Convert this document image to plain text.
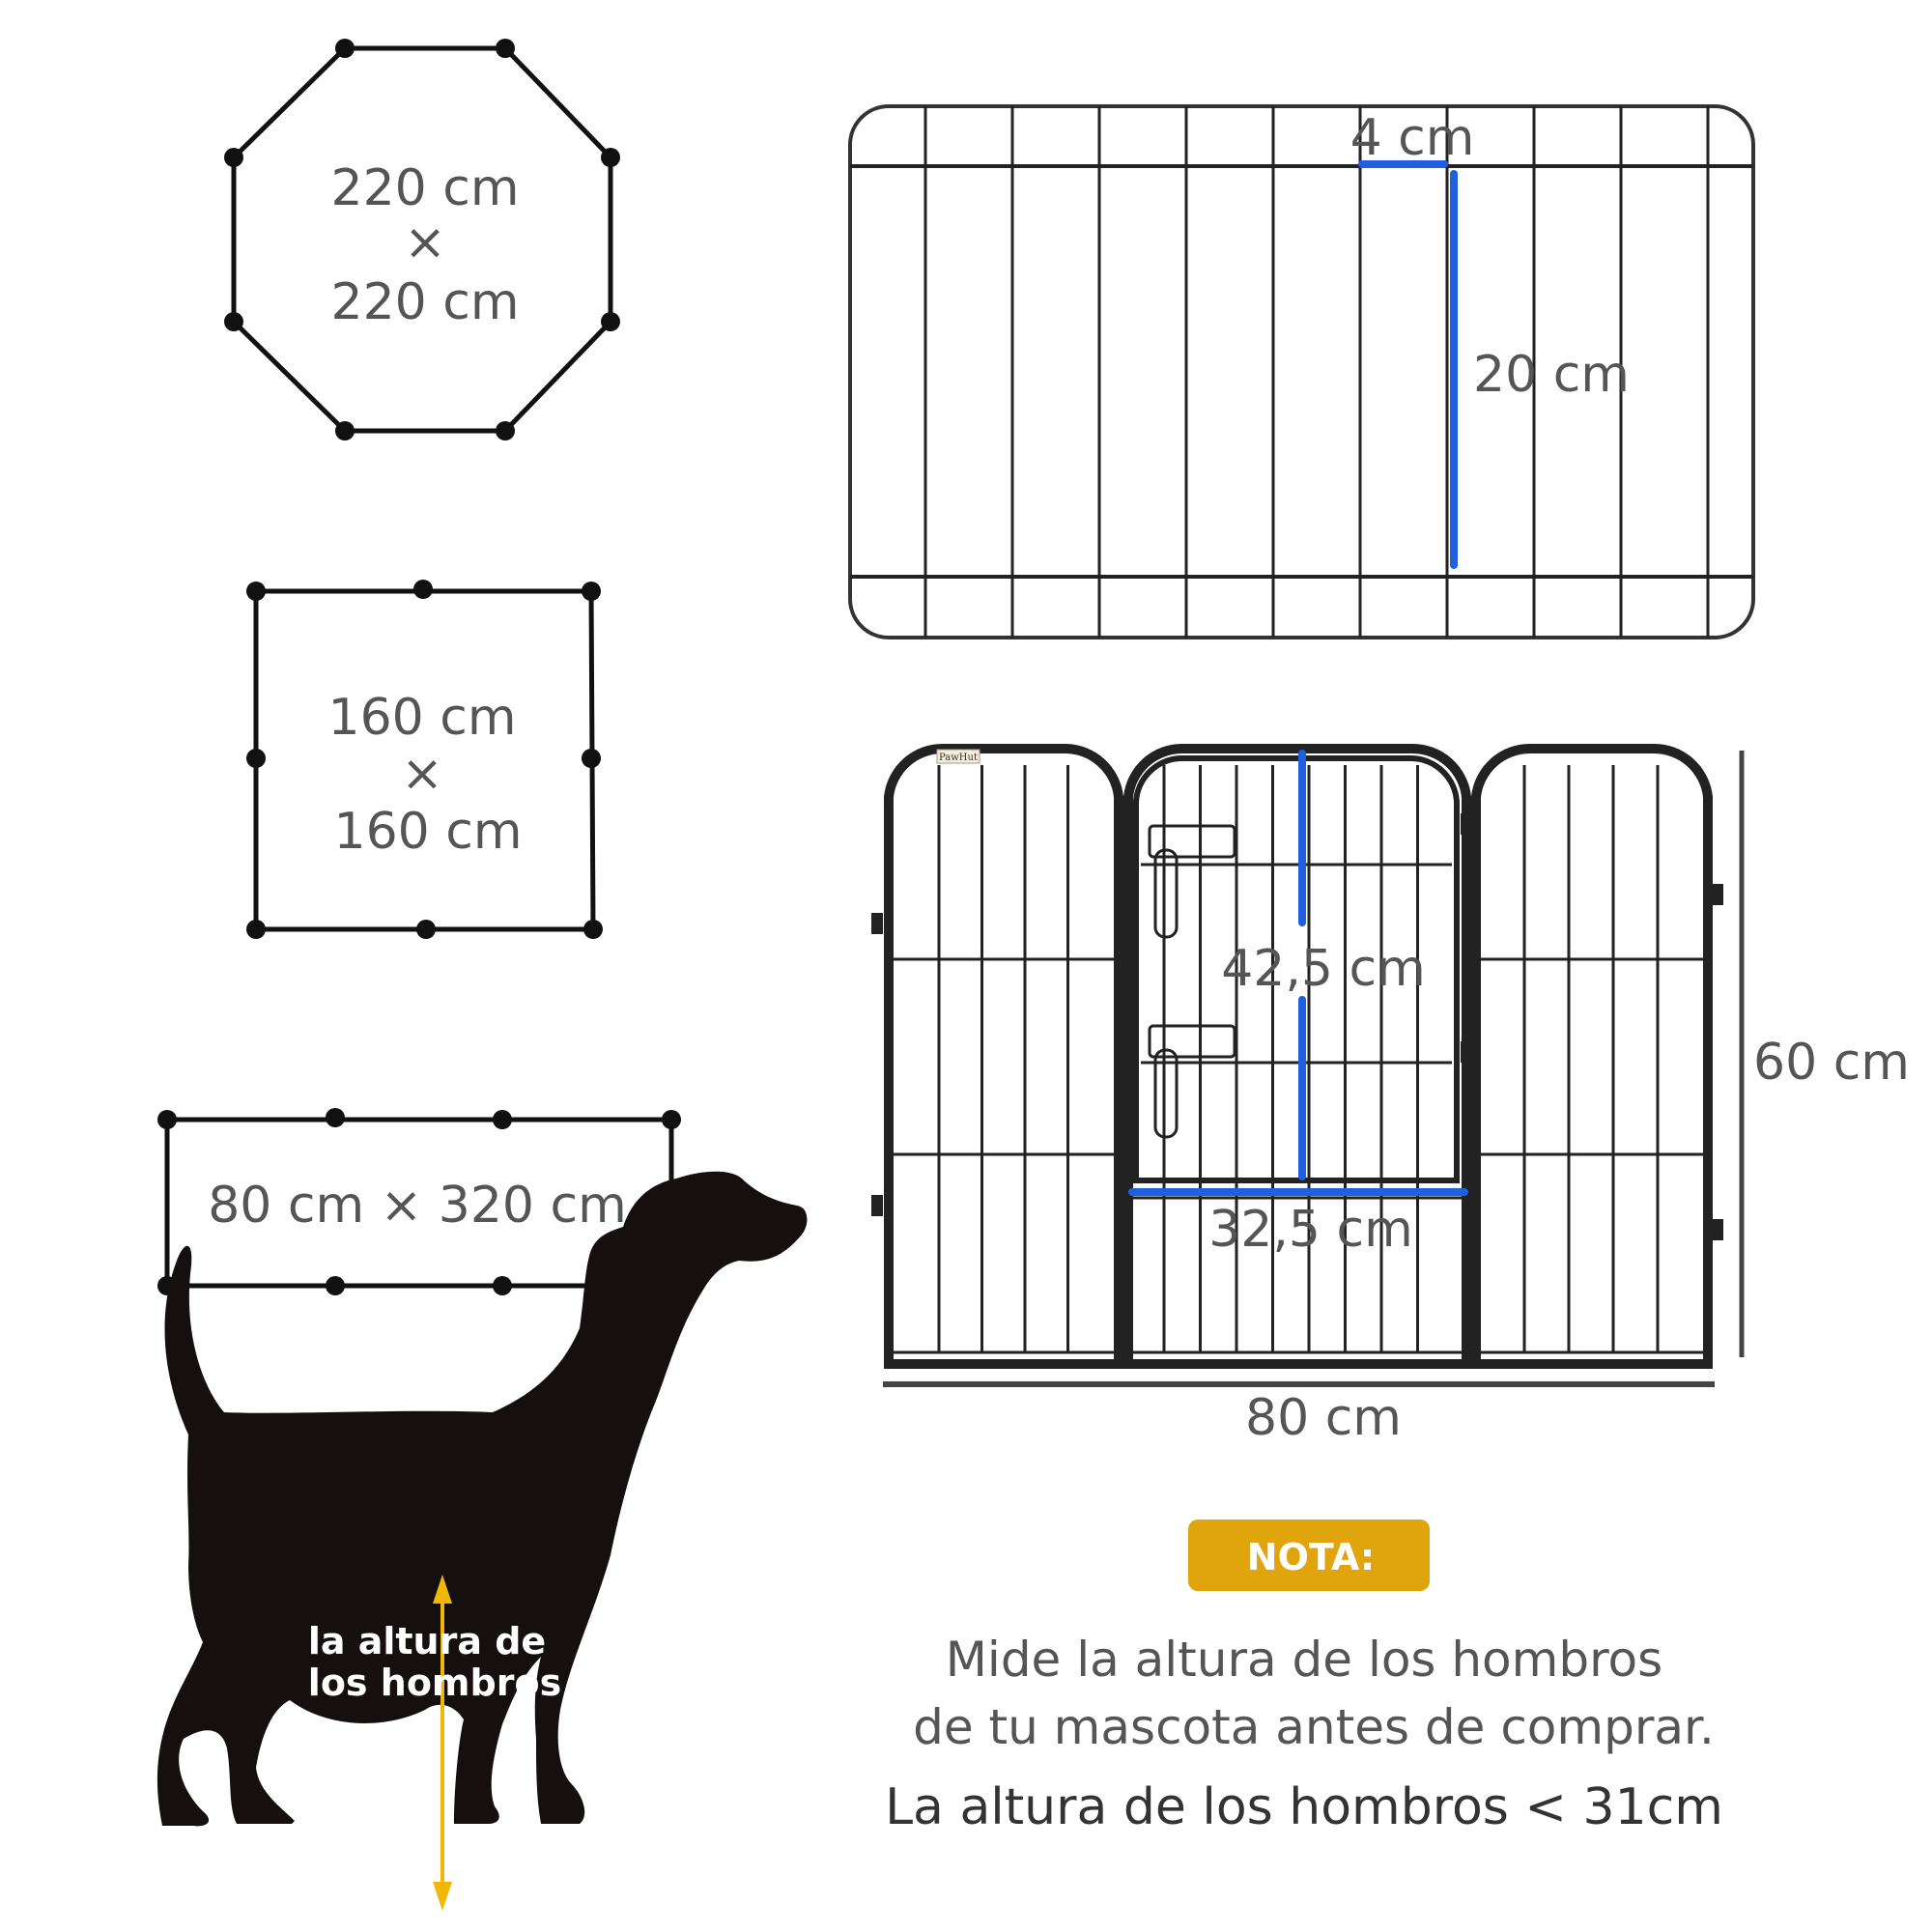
220 cm
×
220 cm
160 cm
×
160 cm
80 cm × 320 cm
4 cm
20 cm
PawHut
42,5 cm
32,5 cm
60 cm
80 cm
la altura de
los hombros
NOTA:
Mide la altura de los hombros
de tu mascota antes de comprar.
La altura de los hombros < 31cm
